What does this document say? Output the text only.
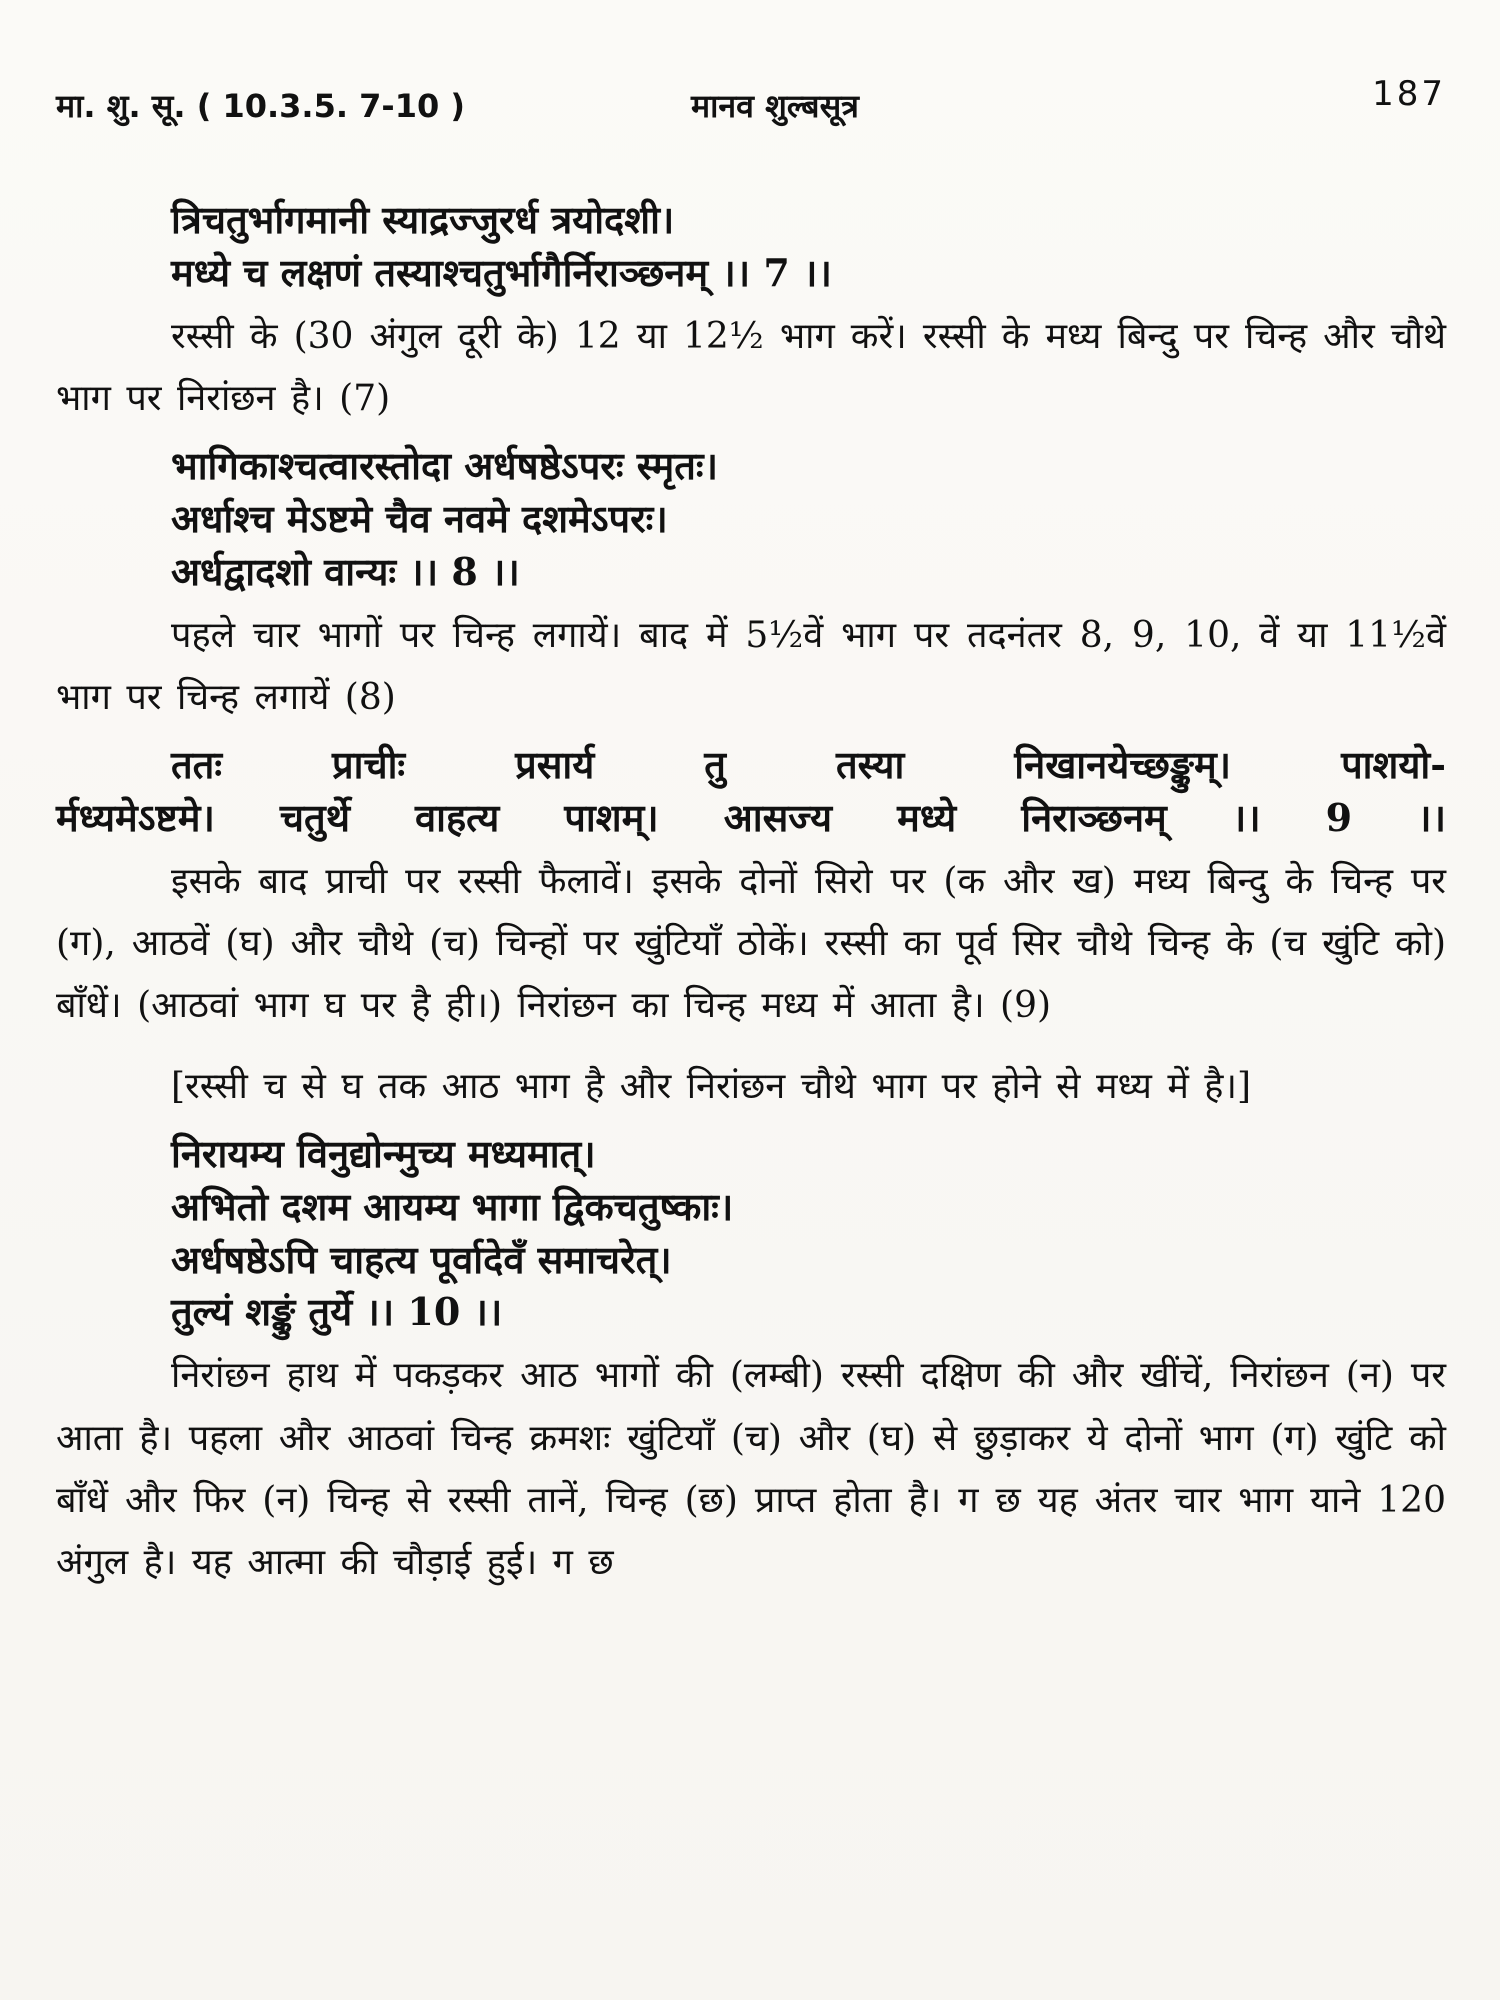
मा. शु. सू. ( 10.3.5. 7-10 )	मानव शुल्बसूत्र	187
त्रिचतुर्भागमानी स्याद्रज्जुरर्ध त्रयोदशी।
मध्ये च लक्षणं तस्याश्चतुर्भागैर्निराञ्छनम् ।। 7 ।।

रस्सी के (30 अंगुल दूरी के) 12 या 12½ भाग करें। रस्सी के मध्य बिन्दु पर चिन्ह और चौथे भाग पर निरांछन है। (7)

भागिकाश्चत्वारस्तोदा अर्धषष्ठेऽपरः स्मृतः।
अर्धाश्च मेऽष्टमे चैव नवमे दशमेऽपरः।
अर्धद्वादशो वान्यः ।। 8 ।।

पहले चार भागों पर चिन्ह लगायें। बाद में 5½वें भाग पर तदनंतर 8, 9, 10, वें या 11½वें भाग पर चिन्ह लगायें (8)

ततः प्राचीः प्रसार्य तु तस्या निखानयेच्छङ्कुम्। पाशयो-
र्मध्यमेऽष्टमे। चतुर्थे वाहत्य पाशम्। आसज्य मध्ये निराञ्छनम् ।। 9 ।।

इसके बाद प्राची पर रस्सी फैलावें। इसके दोनों सिरो पर (क और ख) मध्य बिन्दु के चिन्ह पर (ग), आठवें (घ) और चौथे (च) चिन्हों पर खुंटियाँ ठोकें। रस्सी का पूर्व सिर चौथे चिन्ह के (च खुंटि को) बाँधें। (आठवां भाग घ पर है ही।) निरांछन का चिन्ह मध्य में आता है। (9)

[रस्सी च से घ तक आठ भाग है और निरांछन चौथे भाग पर होने से मध्य में है।]

निरायम्य विनुद्योन्मुच्य मध्यमात्।
अभितो दशम आयम्य भागा द्विकचतुष्काः।
अर्धषष्ठेऽपि चाहत्य पूर्वादेवँ समाचरेत्।
तुल्यं शङ्कुं तुर्ये ।। 10 ।।

निरांछन हाथ में पकड़कर आठ भागों की (लम्बी) रस्सी दक्षिण की और खींचें, निरांछन (न) पर आता है। पहला और आठवां चिन्ह क्रमशः खुंटियाँ (च) और (घ) से छुड़ाकर ये दोनों भाग (ग) खुंटि को बाँधें और फिर (न) चिन्ह से रस्सी तानें, चिन्ह (छ) प्राप्त होता है। ग छ यह अंतर चार भाग याने 120 अंगुल है। यह आत्मा की चौड़ाई हुई। ग छ
